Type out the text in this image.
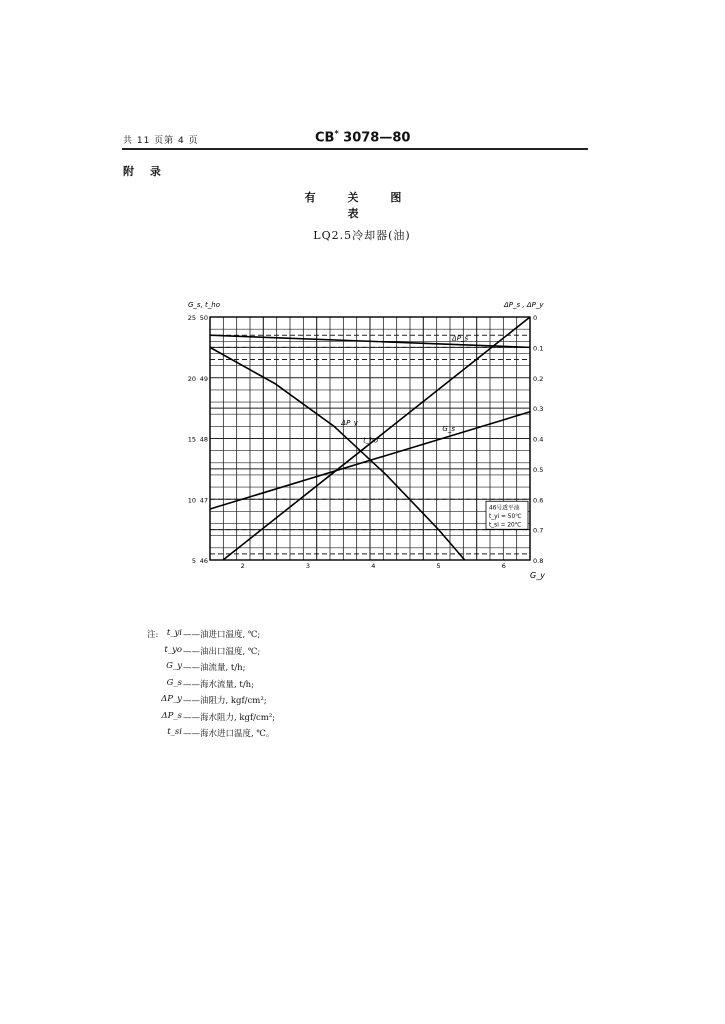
共 11 页第 4 页	CB* 3078—80
附 录
有 关 图 表
LQ2.5冷却器(油)
5 46
10 47
15 48
20 49
25 50	0
0.1
0.2
0.3
0.4
0.5
0.6
0.7
0.8
2	3	4	5	6
G_s, t_ho	ΔP_s , ΔP_y
G_y
ΔP_s
ΔP_y
t_ho
G_s
46号透平油
t_yi = 50℃
t_si = 20℃
注: t_yi ——油进口温度, ℃;
t_yo ——油出口温度, ℃;
G_y ——油流量, t/h;
G_s ——海水流量, t/h;
ΔP_y ——油阻力, kgf/cm²;
ΔP_s ——海水阻力, kgf/cm²;
t_si ——海水进口温度, ℃。
